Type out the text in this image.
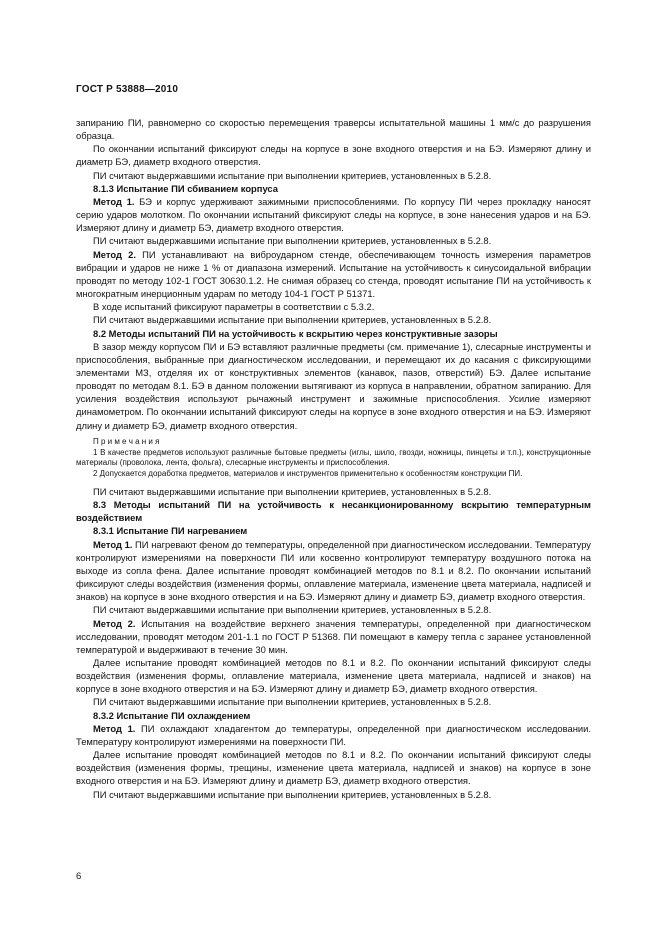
ГОСТ Р 53888—2010

запиранию ПИ, равномерно со скоростью перемещения траверсы испытательной машины 1 мм/с до разрушения образца.

По окончании испытаний фиксируют следы на корпусе в зоне входного отверстия и на БЭ. Измеряют длину и диаметр БЭ, диаметр входного отверстия.

ПИ считают выдержавшими испытание при выполнении критериев, установленных в 5.2.8.

8.1.3 Испытание ПИ сбиванием корпуса

Метод 1. БЭ и корпус удерживают зажимными приспособлениями. По корпусу ПИ через прокладку наносят серию ударов молотком. По окончании испытаний фиксируют следы на корпусе, в зоне нанесения ударов и на БЭ. Измеряют длину и диаметр БЭ, диаметр входного отверстия.

ПИ считают выдержавшими испытание при выполнении критериев, установленных в 5.2.8.

Метод 2. ПИ устанавливают на виброударном стенде, обеспечивающем точность измерения параметров вибрации и ударов не ниже 1 % от диапазона измерений. Испытание на устойчивость к синусоидальной вибрации проводят по методу 102-1 ГОСТ 30630.1.2. Не снимая образец со стенда, проводят испытание ПИ на устойчивость к многократным инерционным ударам по методу 104-1 ГОСТ Р 51371.

В ходе испытаний фиксируют параметры в соответствии с 5.3.2.

ПИ считают выдержавшими испытание при выполнении критериев, установленных в 5.2.8.

8.2 Методы испытаний ПИ на устойчивость к вскрытию через конструктивные зазоры

В зазор между корпусом ПИ и БЭ вставляют различные предметы (см. примечание 1), слесарные инструменты и приспособления, выбранные при диагностическом исследовании, и перемещают их до касания с фиксирующими элементами МЗ, отделяя их от конструктивных элементов (канавок, пазов, отверстий) БЭ. Далее испытание проводят по методам 8.1. БЭ в данном положении вытягивают из корпуса в направлении, обратном запиранию. Для усиления воздействия используют рычажный инструмент и зажимные приспособления. Усилие измеряют динамометром. По окончании испытаний фиксируют следы на корпусе в зоне входного отверстия и на БЭ. Измеряют длину и диаметр БЭ, диаметр входного отверстия.

П р и м е ч а н и я

1 В качестве предметов используют различные бытовые предметы (иглы, шило, гвозди, ножницы, пинцеты и т.п.), конструкционные материалы (проволока, лента, фольга), слесарные инструменты и приспособления.

2 Допускается доработка предметов, материалов и инструментов применительно к особенностям конструкции ПИ.

ПИ считают выдержавшими испытание при выполнении критериев, установленных в 5.2.8.

8.3 Методы испытаний ПИ на устойчивость к несанкционированному вскрытию температурным воздействием

8.3.1 Испытание ПИ нагреванием

Метод 1. ПИ нагревают феном до температуры, определенной при диагностическом исследовании. Температуру контролируют измерениями на поверхности ПИ или косвенно контролируют температуру воздушного потока на выходе из сопла фена. Далее испытание проводят комбинацией методов по 8.1 и 8.2. По окончании испытаний фиксируют следы воздействия (изменения формы, оплавление материала, изменение цвета материала, надписей и знаков) на корпусе в зоне входного отверстия и на БЭ. Измеряют длину и диаметр БЭ, диаметр входного отверстия.

ПИ считают выдержавшими испытание при выполнении критериев, установленных в 5.2.8.

Метод 2. Испытания на воздействие верхнего значения температуры, определенной при диагностическом исследовании, проводят методом 201-1.1 по ГОСТ Р 51368. ПИ помещают в камеру тепла с заранее установленной температурой и выдерживают в течение 30 мин.

Далее испытание проводят комбинацией методов по 8.1 и 8.2. По окончании испытаний фиксируют следы воздействия (изменения формы, оплавление материала, изменение цвета материала, надписей и знаков) на корпусе в зоне входного отверстия и на БЭ. Измеряют длину и диаметр БЭ, диаметр входного отверстия.

ПИ считают выдержавшими испытание при выполнении критериев, установленных в 5.2.8.

8.3.2 Испытание ПИ охлаждением

Метод 1. ПИ охлаждают хладагентом до температуры, определенной при диагностическом исследовании. Температуру контролируют измерениями на поверхности ПИ.

Далее испытание проводят комбинацией методов по 8.1 и 8.2. По окончании испытаний фиксируют следы воздействия (изменения формы, трещины, изменение цвета материала, надписей и знаков) на корпусе в зоне входного отверстия и на БЭ. Измеряют длину и диаметр БЭ, диаметр входного отверстия.

ПИ считают выдержавшими испытание при выполнении критериев, установленных в 5.2.8.

6
